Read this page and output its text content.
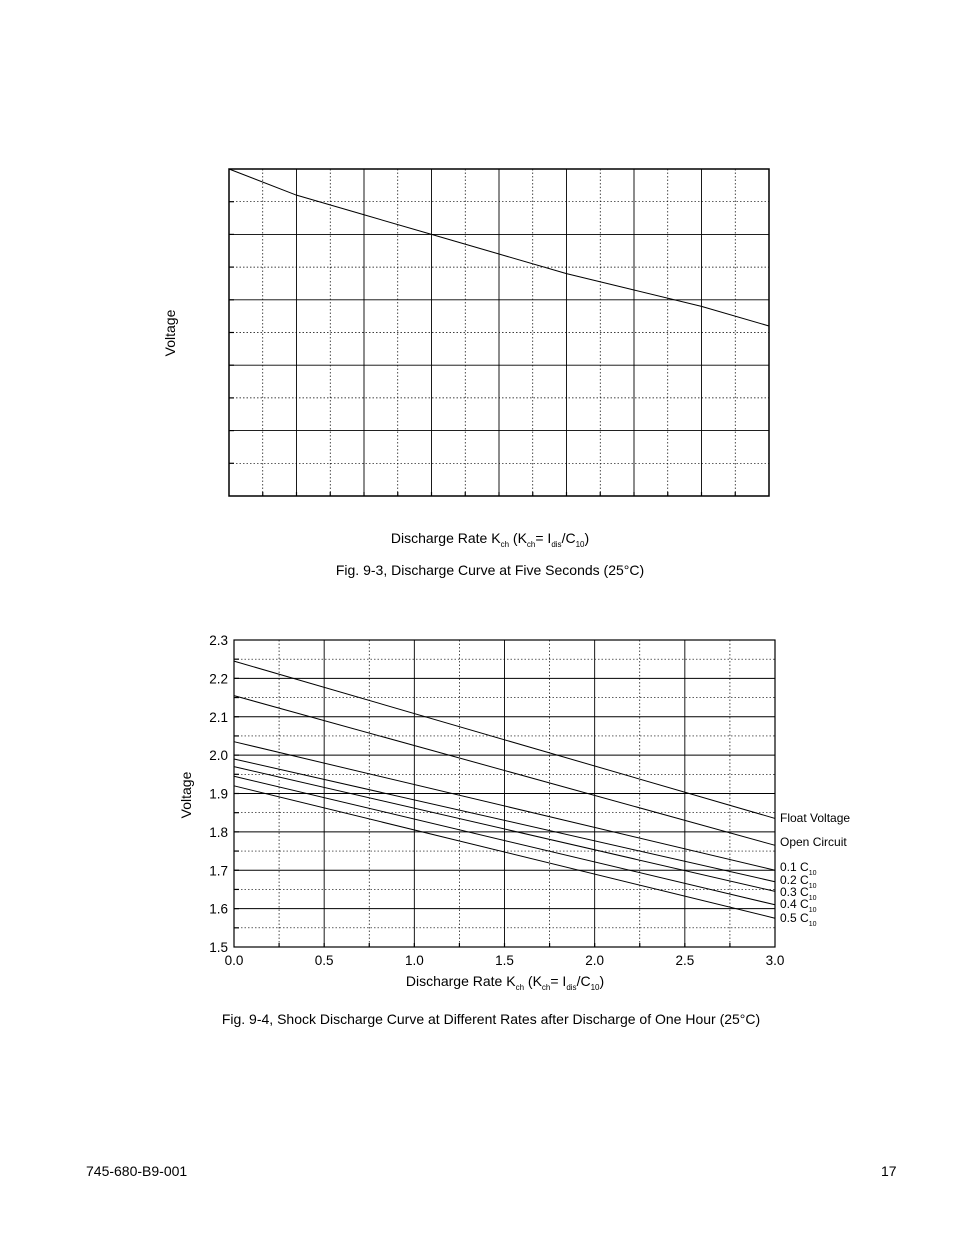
Voltage
Discharge Rate $K_{ch}$ $(K_{ch}= I_{dis}/C_{10})$
Fig. 9-3, Discharge Curve at Five Seconds (25°C)
0.0	0.5	1.0	1.5	2.0	2.5	3.0
1.5
1.6
1.7
1.8
1.9
2.0
2.1
2.2
2.3
Float Voltage
Open Circuit
0.1 $C_{10}$
0.2 $C_{10}$
0.3 $C_{10}$
0.4 $C_{10}$
0.5 $C_{10}$
Voltage
Discharge Rate $K_{ch}$ $(K_{ch}= I_{dis}/C_{10})$
Fig. 9-4, Shock Discharge Curve at Different Rates after Discharge of One Hour (25°C)
745-680-B9-001	17
